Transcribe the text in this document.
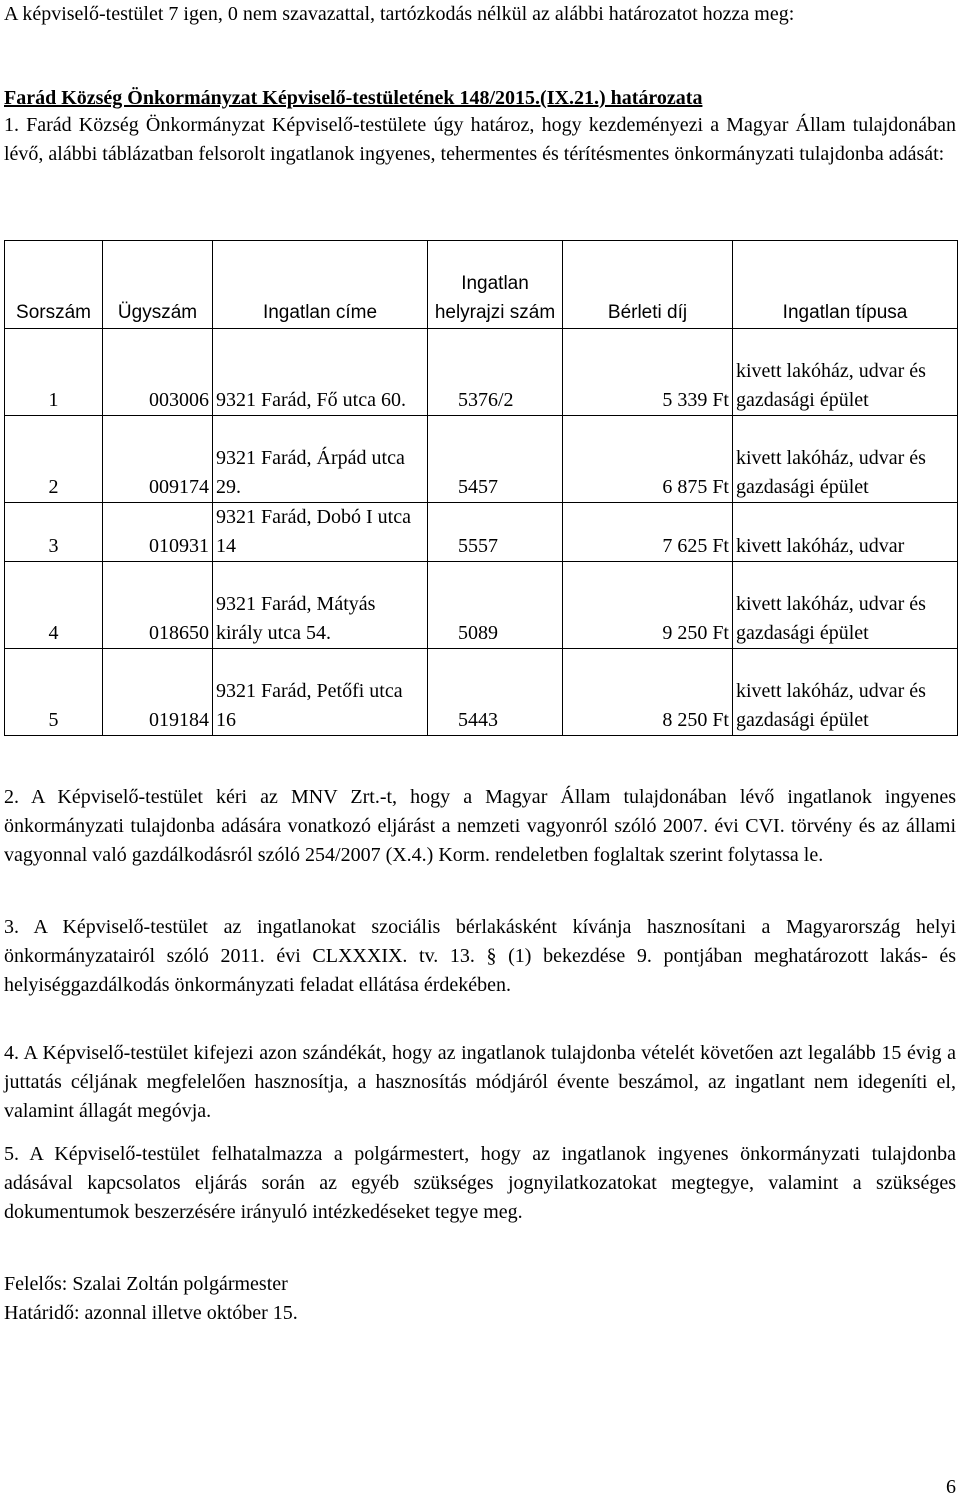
A képviselő-testület 7 igen, 0 nem szavazattal, tartózkodás nélkül az alábbi határozatot hozza meg:

Farád Község Önkormányzat Képviselő-testületének 148/2015.(IX.21.) határozata

1. Farád Község Önkormányzat Képviselő-testülete úgy határoz, hogy kezdeményezi a Magyar Állam tulajdonában lévő, alábbi táblázatban felsorolt ingatlanok ingyenes, tehermentes és térítésmentes önkormányzati tulajdonba adását:

Sorszám	Ügyszám	Ingatlan címe	Ingatlan helyrajzi szám	Bérleti díj	Ingatlan típusa
1	003006	9321 Farád, Fő utca 60.	5376/2	5 339 Ft	kivett lakóház, udvar és gazdasági épület
2	009174	9321 Farád, Árpád utca 29.	5457	6 875 Ft	kivett lakóház, udvar és gazdasági épület
3	010931	9321 Farád, Dobó I utca 14	5557	7 625 Ft	kivett lakóház, udvar
4	018650	9321 Farád, Mátyás király utca 54.	5089	9 250 Ft	kivett lakóház, udvar és gazdasági épület
5	019184	9321 Farád, Petőfi utca 16	5443	8 250 Ft	kivett lakóház, udvar és gazdasági épület

2. A Képviselő-testület kéri az MNV Zrt.-t, hogy a Magyar Állam tulajdonában lévő ingatlanok ingyenes önkormányzati tulajdonba adására vonatkozó eljárást a nemzeti vagyonról szóló 2007. évi CVI. törvény és az állami vagyonnal való gazdálkodásról szóló 254/2007 (X.4.) Korm. rendeletben foglaltak szerint folytassa le.

3. A Képviselő-testület az ingatlanokat szociális bérlakásként kívánja hasznosítani a Magyarország helyi önkormányzatairól szóló 2011. évi CLXXXIX. tv. 13. § (1) bekezdése 9. pontjában meghatározott lakás- és helyiséggazdálkodás önkormányzati feladat ellátása érdekében.

4. A Képviselő-testület kifejezi azon szándékát, hogy az ingatlanok tulajdonba vételét követően azt legalább 15 évig a juttatás céljának megfelelően hasznosítja, a hasznosítás módjáról évente beszámol, az ingatlant nem idegeníti el, valamint állagát megóvja.

5. A Képviselő-testület felhatalmazza a polgármestert, hogy az ingatlanok ingyenes önkormányzati tulajdonba adásával kapcsolatos eljárás során az egyéb szükséges jognyilatkozatokat megtegye, valamint a szükséges dokumentumok beszerzésére irányuló intézkedéseket tegye meg.

Felelős: Szalai Zoltán polgármester

Határidő: azonnal illetve október 15.

6
